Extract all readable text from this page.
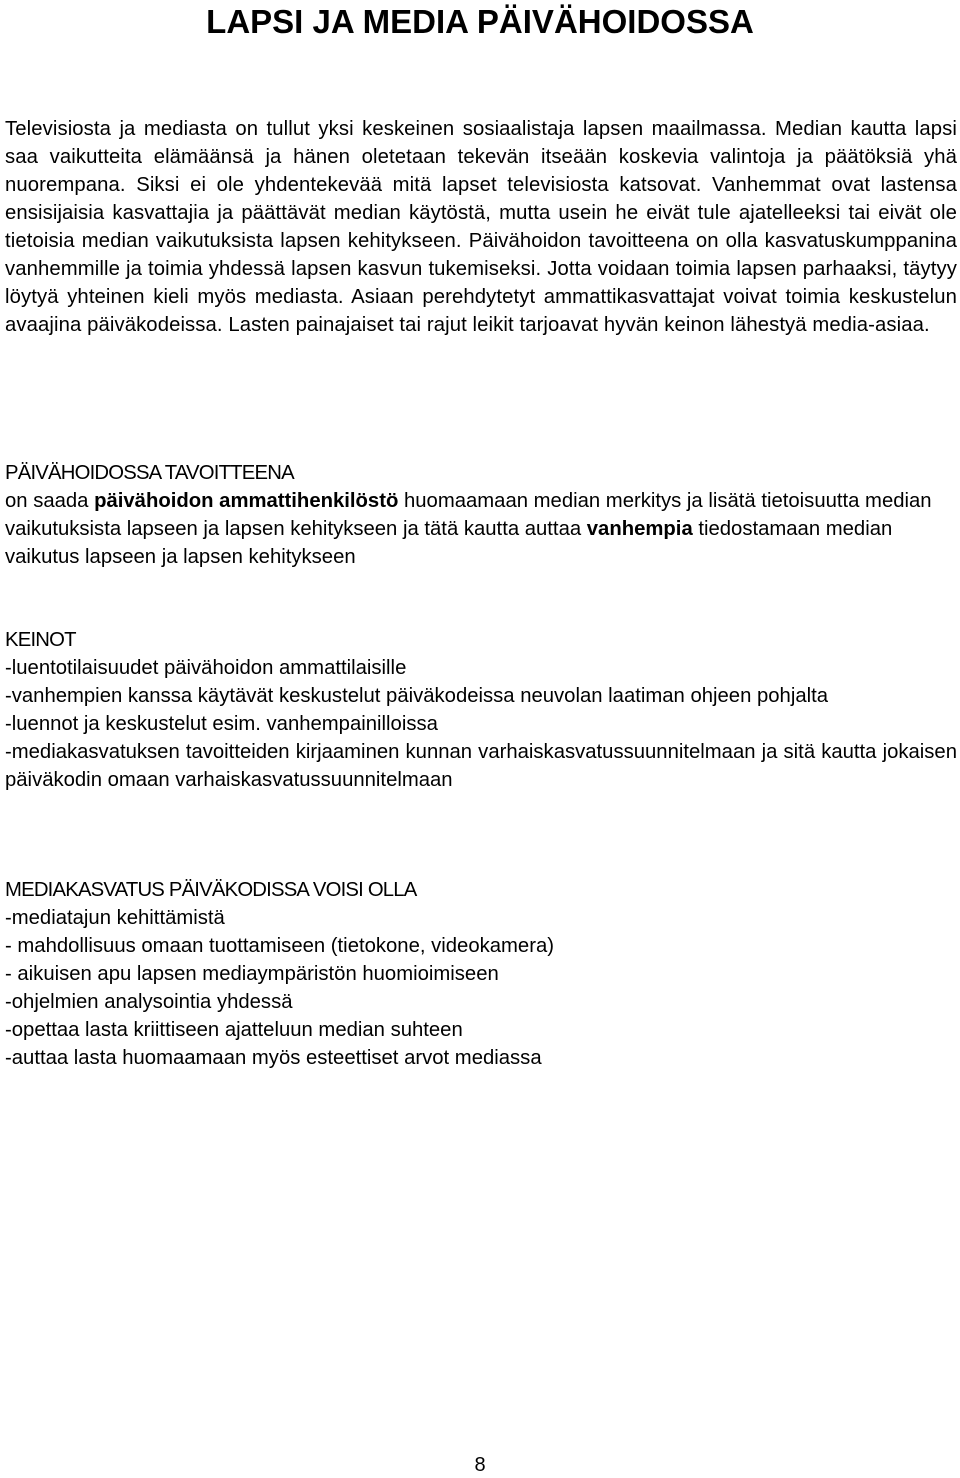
LAPSI JA MEDIA PÄIVÄHOIDOSSA

Televisiosta ja mediasta on tullut yksi keskeinen sosiaalistaja lapsen maailmassa. Median kautta lapsi saa vaikutteita elämäänsä ja hänen oletetaan tekevän itseään koskevia valintoja ja päätöksiä yhä nuorempana. Siksi ei ole yhdentekevää mitä lapset televisiosta katsovat. Vanhemmat ovat lastensa ensisijaisia kasvattajia ja päättävät median käytöstä, mutta usein he eivät tule ajatelleeksi tai eivät ole tietoisia median vaikutuksista lapsen kehitykseen. Päivähoidon tavoitteena on olla kasvatuskumppanina vanhemmille ja toimia yhdessä lapsen kasvun tukemiseksi. Jotta voidaan toimia lapsen parhaaksi, täytyy löytyä yhteinen kieli myös mediasta. Asiaan perehdytetyt ammattikasvattajat voivat toimia keskustelun avaajina päiväkodeissa. Lasten painajaiset tai rajut leikit tarjoavat hyvän keinon lähestyä media-asiaa.

PÄIVÄHOIDOSSA TAVOITTEENA

on saada päivähoidon ammattihenkilöstö huomaamaan median merkitys ja lisätä tietoisuutta median vaikutuksista lapseen ja lapsen kehitykseen ja tätä kautta auttaa vanhempia tiedostamaan median vaikutus lapseen ja lapsen kehitykseen

KEINOT
-luentotilaisuudet päivähoidon ammattilaisille
-vanhempien kanssa käytävät keskustelut päiväkodeissa neuvolan laatiman ohjeen pohjalta
-luennot ja keskustelut esim. vanhempainilloissa
-mediakasvatuksen tavoitteiden kirjaaminen kunnan varhaiskasvatussuunnitelmaan ja sitä kautta jokaisen päiväkodin omaan varhaiskasvatussuunnitelmaan
MEDIAKASVATUS PÄIVÄKODISSA VOISI OLLA
-mediatajun kehittämistä
- mahdollisuus omaan tuottamiseen (tietokone, videokamera)
- aikuisen apu lapsen mediaympäristön huomioimiseen
-ohjelmien analysointia yhdessä
-opettaa lasta kriittiseen ajatteluun median suhteen
-auttaa lasta huomaamaan myös esteettiset arvot mediassa
8
